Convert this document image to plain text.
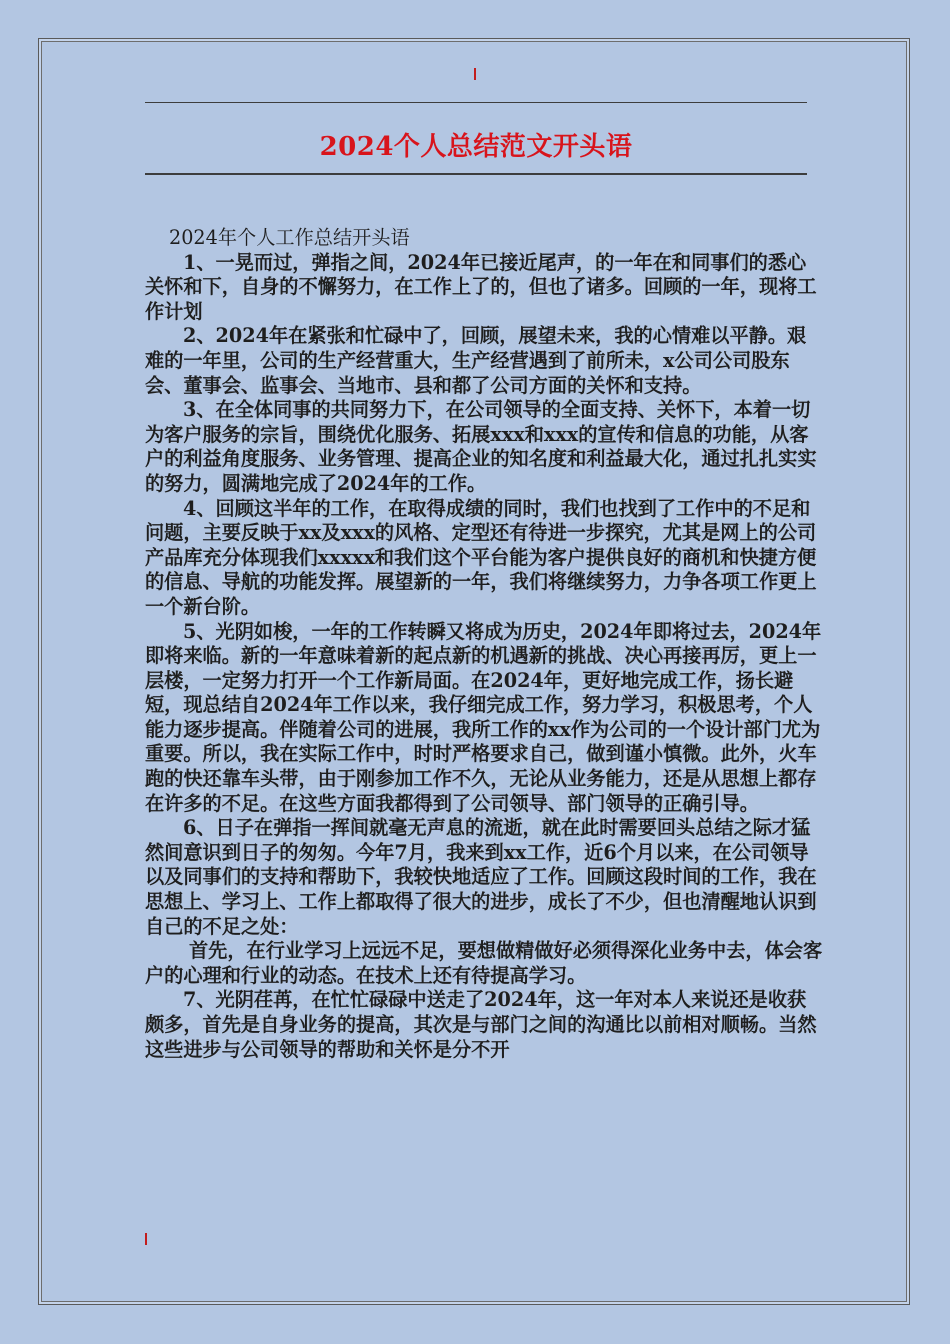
2024个人总结范文开头语

2024年个人工作总结开头语

1、一晃而过，弹指之间，2024年已接近尾声，的一年在和同事们的悉心关怀和下，自身的不懈努力，在工作上了的，但也了诸多。回顾的一年，现将工作计划

2、2024年在紧张和忙碌中了，回顾，展望未来，我的心情难以平静。艰难的一年里，公司的生产经营重大，生产经营遇到了前所未，x公司公司股东会、董事会、监事会、当地市、县和都了公司方面的关怀和支持。

3、在全体同事的共同努力下，在公司领导的全面支持、关怀下，本着一切为客户服务的宗旨，围绕优化服务、拓展xxx和xxx的宣传和信息的功能，从客户的利益角度服务、业务管理、提高企业的知名度和利益最大化，通过扎扎实实的努力，圆满地完成了2024年的工作。

4、回顾这半年的工作，在取得成绩的同时，我们也找到了工作中的不足和问题，主要反映于xx及xxx的风格、定型还有待进一步探究，尤其是网上的公司产品库充分体现我们xxxxx和我们这个平台能为客户提供良好的商机和快捷方便的信息、导航的功能发挥。展望新的一年，我们将继续努力，力争各项工作更上一个新台阶。

5、光阴如梭，一年的工作转瞬又将成为历史，2024年即将过去，2024年即将来临。新的一年意味着新的起点新的机遇新的挑战、决心再接再厉，更上一层楼，一定努力打开一个工作新局面。在2024年，更好地完成工作，扬长避短，现总结自2024年工作以来，我仔细完成工作，努力学习，积极思考，个人能力逐步提高。伴随着公司的进展，我所工作的xx作为公司的一个设计部门尤为重要。所以，我在实际工作中，时时严格要求自己，做到谨小慎微。此外，火车跑的快还靠车头带，由于刚参加工作不久，无论从业务能力，还是从思想上都存在许多的不足。在这些方面我都得到了公司领导、部门领导的正确引导。

6、日子在弹指一挥间就毫无声息的流逝，就在此时需要回头总结之际才猛然间意识到日子的匆匆。今年7月，我来到xx工作，近6个月以来，在公司领导以及同事们的支持和帮助下，我较快地适应了工作。回顾这段时间的工作，我在思想上、学习上、工作上都取得了很大的进步，成长了不少，但也清醒地认识到自己的不足之处：

首先，在行业学习上远远不足，要想做精做好必须得深化业务中去，体会客户的心理和行业的动态。在技术上还有待提高学习。

7、光阴荏苒，在忙忙碌碌中送走了2024年，这一年对本人来说还是收获颇多，首先是自身业务的提高，其次是与部门之间的沟通比以前相对顺畅。当然这些进步与公司领导的帮助和关怀是分不开
